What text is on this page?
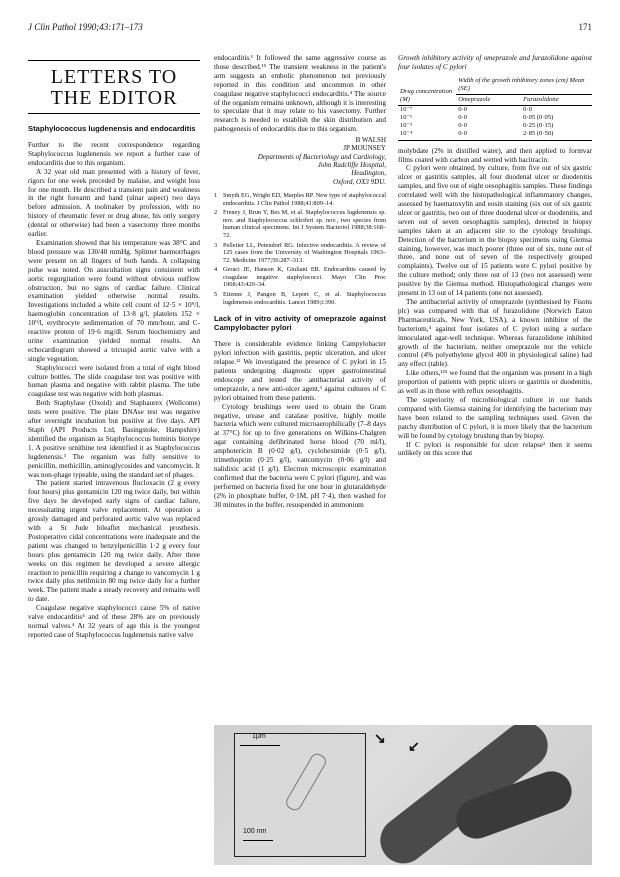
J Clin Pathol 1990;43:171–173	171
LETTERS TO
THE EDITOR
Staphylococcus lugdenensis and endocarditis

Further to the recent correspondence regarding Staphylococcus lugdenensis we report a further case of endocarditis due to this organism.

A 32 year old man presented with a history of fever, rigors for one week preceded by malaise, and weight loss for one month. He described a transient pain and weakness in the right forearm and hand (ulnar aspect) two days before admission. A toolmaker by profession, with no history of rheumatic fever or drug abuse, his only surgery (dental or otherwise) had been a vasectomy three months earlier.

Examination showed that his temperature was 38°C and blood pressure was 130/40 mmHg. Splinter haemorrhages were present on all fingers of both hands. A collapsing pulse was noted. On auscultation signs consistent with aortic regurgitation were found without obvious outflow obstruction, but no signs of cardiac failure. Clinical examination yielded otherwise normal results. Investigations included a white cell count of 12·5 × 10⁹/l, haemoglobin concentration of 13·8 g/l, platelets 152 × 10⁹/l, erythrocyte sedimentation of 70 mm/hour, and C-reactive protein of 19·6 mg/dl. Serum biochemistry and urine examination yielded normal results. An echocardiogram showed a tricuspid aortic valve with a single vegetation.

Staphylococci were isolated from a total of eight blood culture bottles. The slide coagulase test was positive with human plasma and negative with rabbit plasma. The tube coagulase test was negative with both plasmas.

Both Staphylase (Oxoid) and Staphaurex (Wellcome) tests were positive. The plate DNAse test was negative after overnight incubation but positive at five days. API Staph (API Products Ltd, Basingstoke, Hampshire) identified the organism as Staphylococcus hominis biotype 1. A positive ornithine test identified it as Staphylococcus lugdenensis.³ The organism was fully sensitive to penicillin, methicillin, aminoglycosides and vancomycin. It was non-phage typeable, using the standard set of phages.

The patient started intravenous flucloxacin (2 g every four hours) plus gentamicin 120 mg twice daily, but within five days he developed early signs of cardiac failure, necessitating urgent valve replacement. At operation a grossly damaged and perforated aortic valve was replaced with a St Jude bileaflet mechanical prosthesis. Postoperative cidal concentrations were inadequate and the patient was changed to benzylpenicillin 1·2 g every four hours plus gentamicin 120 mg twice daily. After three weeks on this regimen he developed a severe allergic reaction to penicillin requiring a change to vancomycin 1 g twice daily plus netilmicin 80 mg twice daily for a further week. The patient made a steady recovery and remains well to date.

Coagulase negative staphylococci cause 5% of native valve endocarditis⁴ and of these 28% are on previously normal valves.⁴ At 32 years of age this is the youngest reported case of Staphylococcus lugdenensis native valve

endocarditis.¹ It followed the same aggressive course as those described.¹⁵ The transient weakness in the patient's arm suggests an embolic phenomenon not previously reported in this condition and uncommon in other coagulase negative staphylococci endocarditis.⁴ The source of the organism remains unknown, although it is interesting to speculate that it may relate to his vasectomy. Further research is needed to establish the skin distribution and pathogenesis of endocarditis due to this organism.

B WALSH
JP MOUNSEY
Departments of Bacteriology and Cardiology,
John Radcliffe Hospital,
Headington,
Oxford, OX3 9DU.
1 Smyth EG, Wright ED, Marples RP. New type of staphylococcal endocarditis. J Clin Pathol 1988;41:809–14.
2 Freney J, Brun Y, Bes M, et al. Staphylococcus lugdenensis sp. nov. and Staphylococcus schleiferi sp. nov., two species from human clinical specimens. Int J System Bacteriol 1988;38:168–72.
3 Pelletier LL, Petendorf RG. Infective endocarditis. A review of 125 cases from the University of Washington Hospitals 1963–72. Medicine 1977;56:287–313.
4 Geraci JE, Hanson K, Giuliani ER. Endocarditis caused by coagulase negative staphylococci. Mayo Clin Proc 1968;43:420–34.
5 Etienne J, Pangon B, Leport C, et al. Staphylococcus lugdenensis endocarditis. Lancet 1989;i:390.
Lack of in vitro activity of omeprazole against Campylobacter pylori

There is considerable evidence linking Campylobacter pylori infection with gastritis, peptic ulceration, and ulcer relapse.¹² We investigated the presence of C pylori in 15 patients undergoing diagnostic upper gastrointestinal endoscopy and tested the antibacterial activity of omeprazole, a new anti-ulcer agent,³ against cultures of C pylori obtained from these patients.

Cytology brushings were used to obtain the Gram negative, urease and catalase positive, highly motile bacteria which were cultured microaerophilically (7–8 days at 37°C) for up to five generations on Wilkins-Chalgren agar containing defibrinated horse blood (70 ml/l), amphotericin B (0·02 g/l), cycloheximide (0·5 g/l), trimethoprim (0·25 g/l), vancomycin (0·06 g/l) and nalidixic acid (1 g/l). Electron microscopic examination confirmed that the bacteria were C pylori (figure), and was performed on bacteria fixed for one hour in glutaraldehyde (2% in phosphate buffer, 0·1M, pH 7·4), then washed for 30 minutes in the buffer, resuspended in ammonium

Growth inhibitory activity of omeprazole and furazolidone against four isolates of C pylori
Drug concentration (M)	Width of the growth inhibitory zones (cm) Mean (SE)	
	Omeprazole	Furazolidone
10⁻⁷	0·0	0·0
10⁻⁶	0·0	0·05 (0·05)
10⁻⁵	0·0	0·25 (0·15)
10⁻⁴	0·0	2·85 (0·50)

molybdate (2% in distilled water), and then applied to formvar films coated with carbon and wetted with bacitracin.

C pylori were obtained, by culture, from five out of six gastric ulcer or gastritis samples, all four duodenal ulcer or duodenitis samples, and five out of eight oesophagitis samples. These findings correlated well with the histopathological inflammatory changes, assessed by haematoxylin and eosin staining (six out of six gastric ulcer or gastritis, two out of three duodenal ulcer or duodenitis, and seven out of seven oesophagitis samples), detected in biopsy samples taken at an adjacent site to the cytology brushings. Detection of the bacterium in the biopsy specimens using Giemsa staining, however, was much poorer (three out of six, none out of three, and none out of seven of the respectively grouped complaints). Twelve out of 15 patients were C pylori positive by the culture method; only three out of 13 (two not assessed) were positive by the Giemsa method. Histopathological changes were present in 13 out of 14 patients (one not assessed).

The antibacterial activity of omeprazole (synthesised by Fisons plc) was compared with that of furazolidone (Norwich Eaton Pharmaceuticals, New York, USA), a known inhibitor of the bacterium,⁴ against four isolates of C pylori using a surface innoculated agar-well technique. Whereas furazolidone inhibited growth of the bacterium, neither omeprazole nor the vehicle control (4% polyethylene glycol 400 in physiological saline) had any effect (table).

Like others,¹²⁵ we found that the organism was present in a high proportion of patients with peptic ulcers or gastritis or duodenitis, as well as in those with reflux oesophagitis.

The superiority of microbiological culture in our hands compared with Giemsa staining for identifying the bacterium may have been related to the sampling techniques used. Given the patchy distribution of C pylori, it is more likely that the bacterium will be found by cytology brushing than by biopsy.

If C pylori is responsible for ulcer relapse² then it seems unlikely on this score that

100 nm
1μm	↘
↙
